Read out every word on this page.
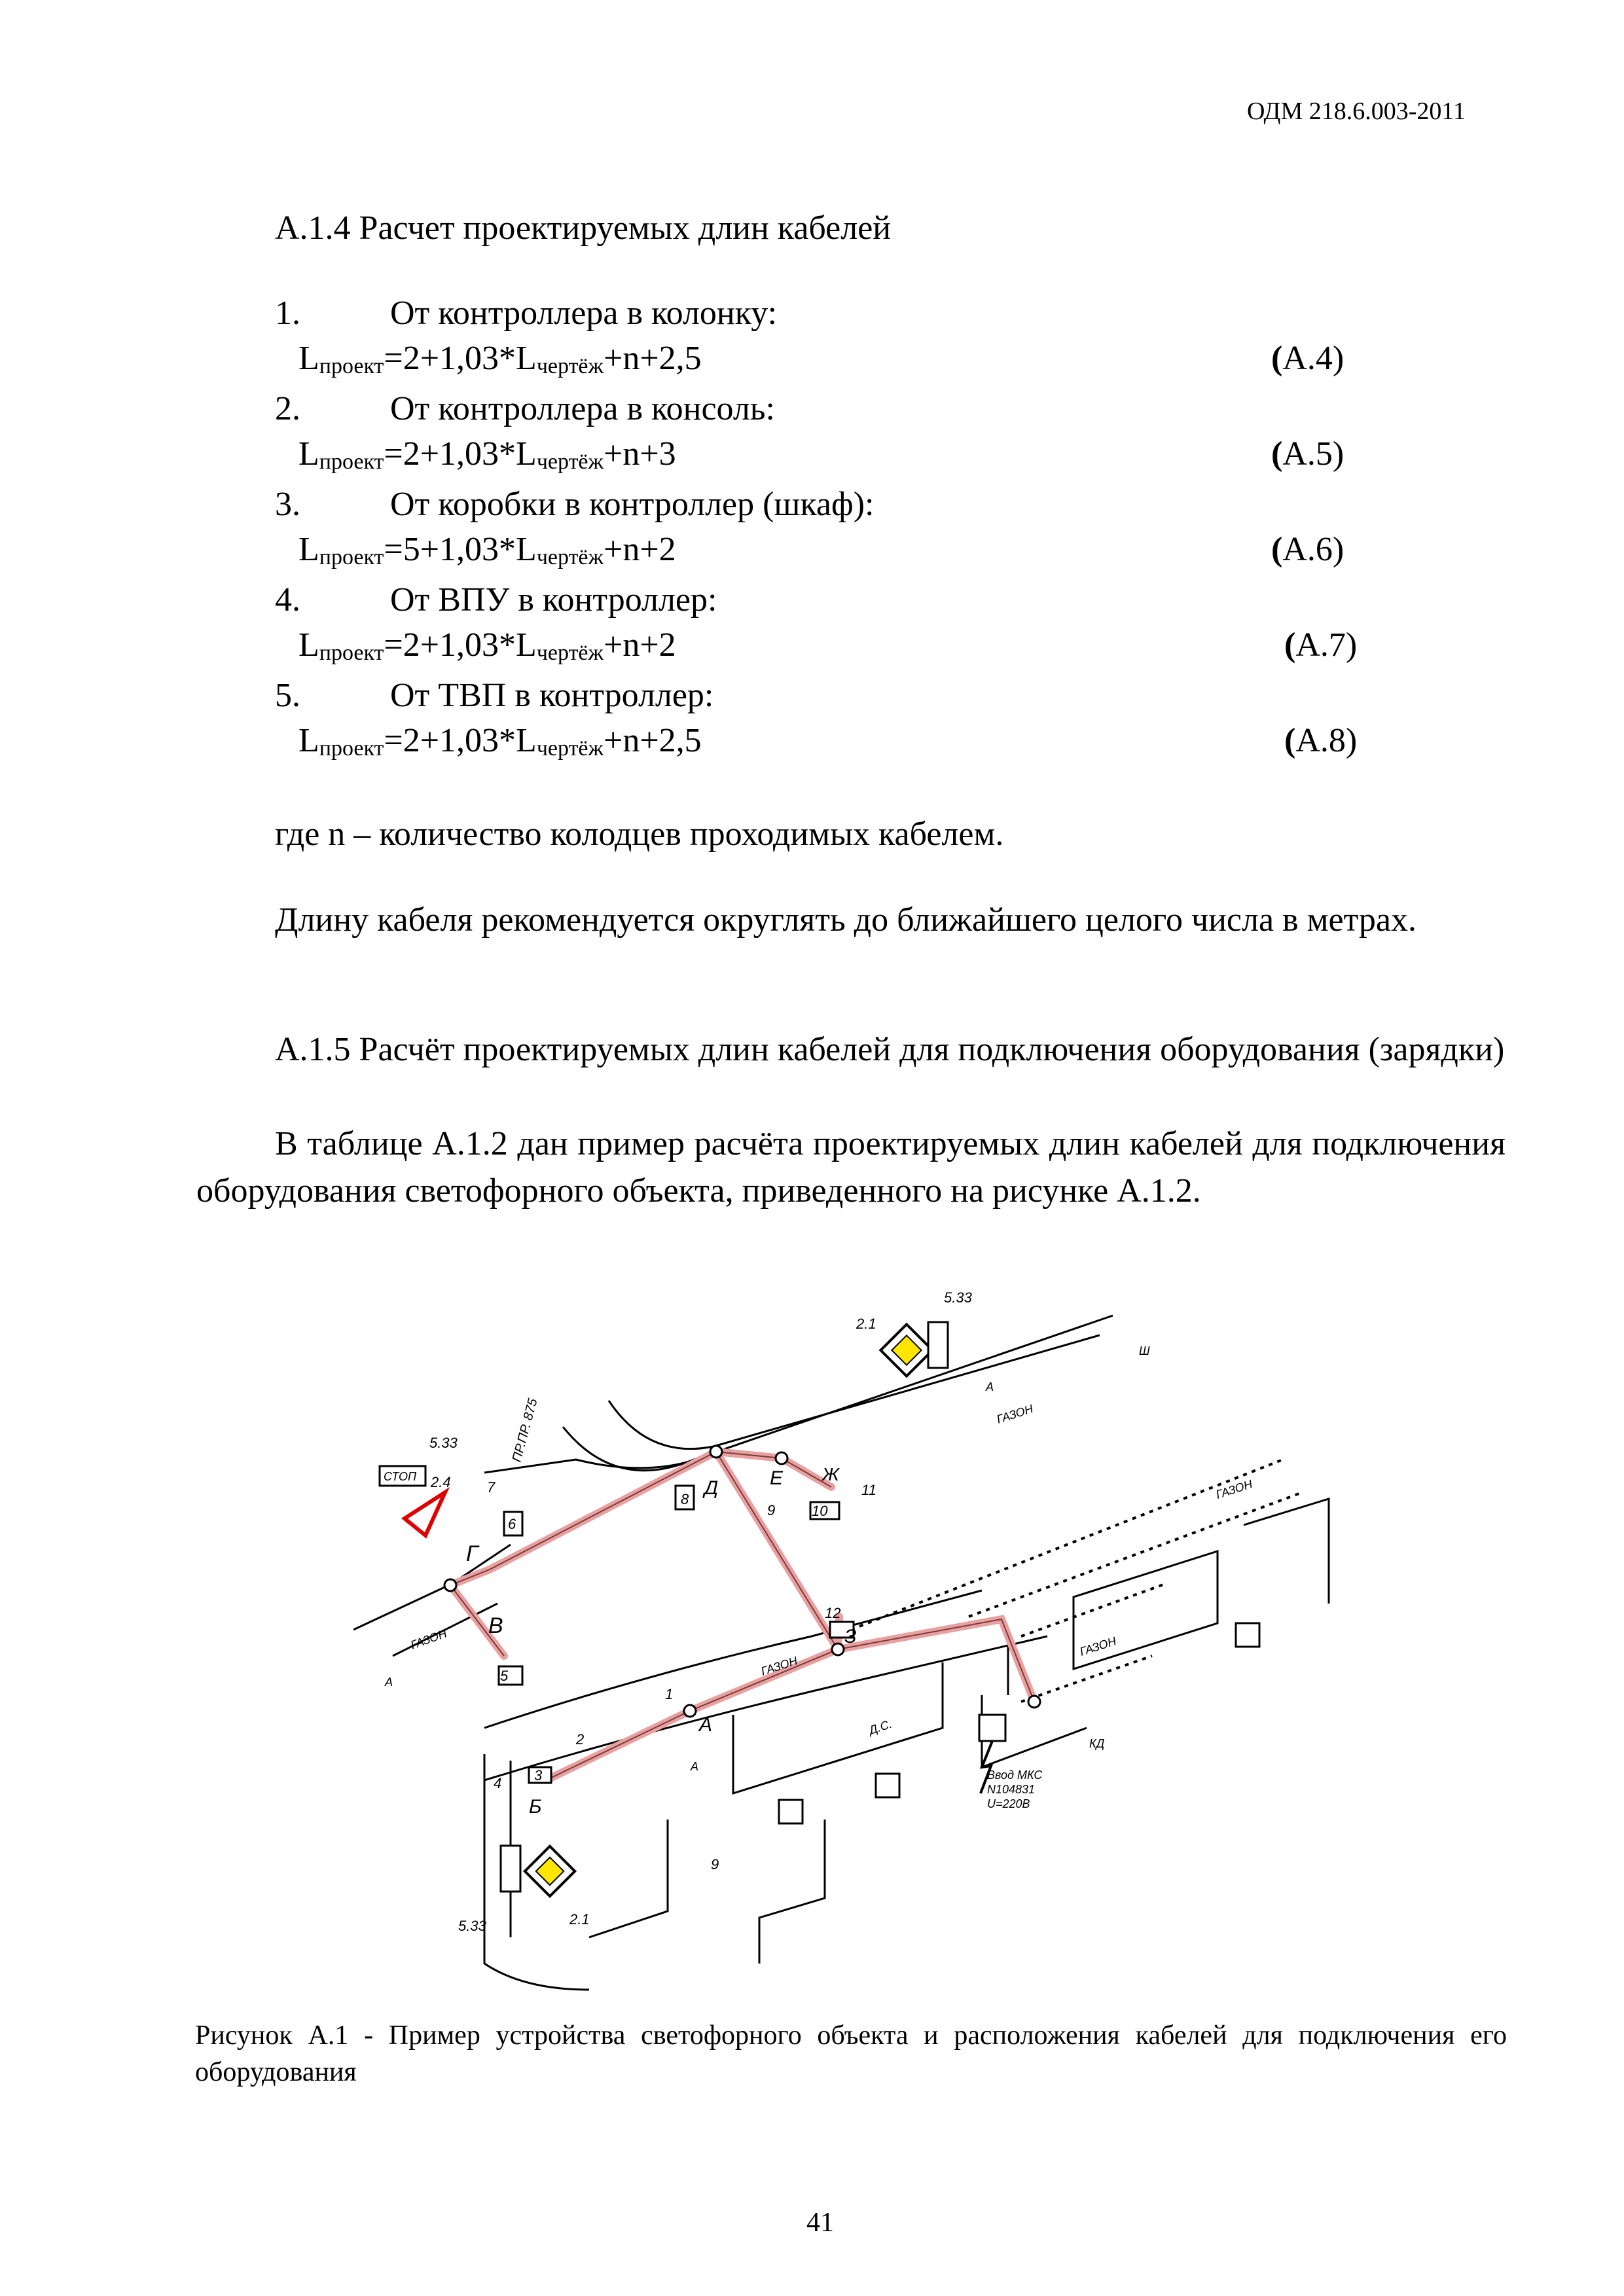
ОДМ 218.6.003-2011
А.1.4 Расчет проектируемых длин кабелей
1.	От контроллера в колонку:
$L_{проект}=2+1,03*L_{чертёж}+n+2,5$	(А.4)
2.	От контроллера в консоль:
$L_{проект}=2+1,03*L_{чертёж}+n+3$	(А.5)
3.	От коробки в контроллер (шкаф):
$L_{проект}=5+1,03*L_{чертёж}+n+2$	(А.6)
4.	От ВПУ в контроллер:
$L_{проект}=2+1,03*L_{чертёж}+n+2$	(А.7)
5.	От ТВП в контроллер:
$L_{проект}=2+1,03*L_{чертёж}+n+2,5$	(А.8)
где n – количество колодцев проходимых кабелем.
Длину кабеля рекомендуется округлять до ближайшего целого числа в метрах.
А.1.5 Расчёт проектируемых длин кабелей для подключения оборудования (зарядки)
В таблице А.1.2 дан пример расчёта проектируемых длин кабелей для подключения оборудования светофорного объекта, приведенного на рисунке А.1.2.
5.33
2.1
5.33
2.4
5.33	2.1
СТОП
ПР.ПР. 875	ГАЗОН
ГАЗОН
ГАЗОН
ГАЗОН
ГАЗОН
Д.С.
А
А
А
Ш
А
Б
В
Г
Д	Е Ж
З
1
2
3
4
5
6
7
8
9	10
11
12
9
Ввод МКС
N104831
U=220В
КД
Рисунок А.1 - Пример устройства светофорного объекта и расположения кабелей для подключения его оборудования
41
